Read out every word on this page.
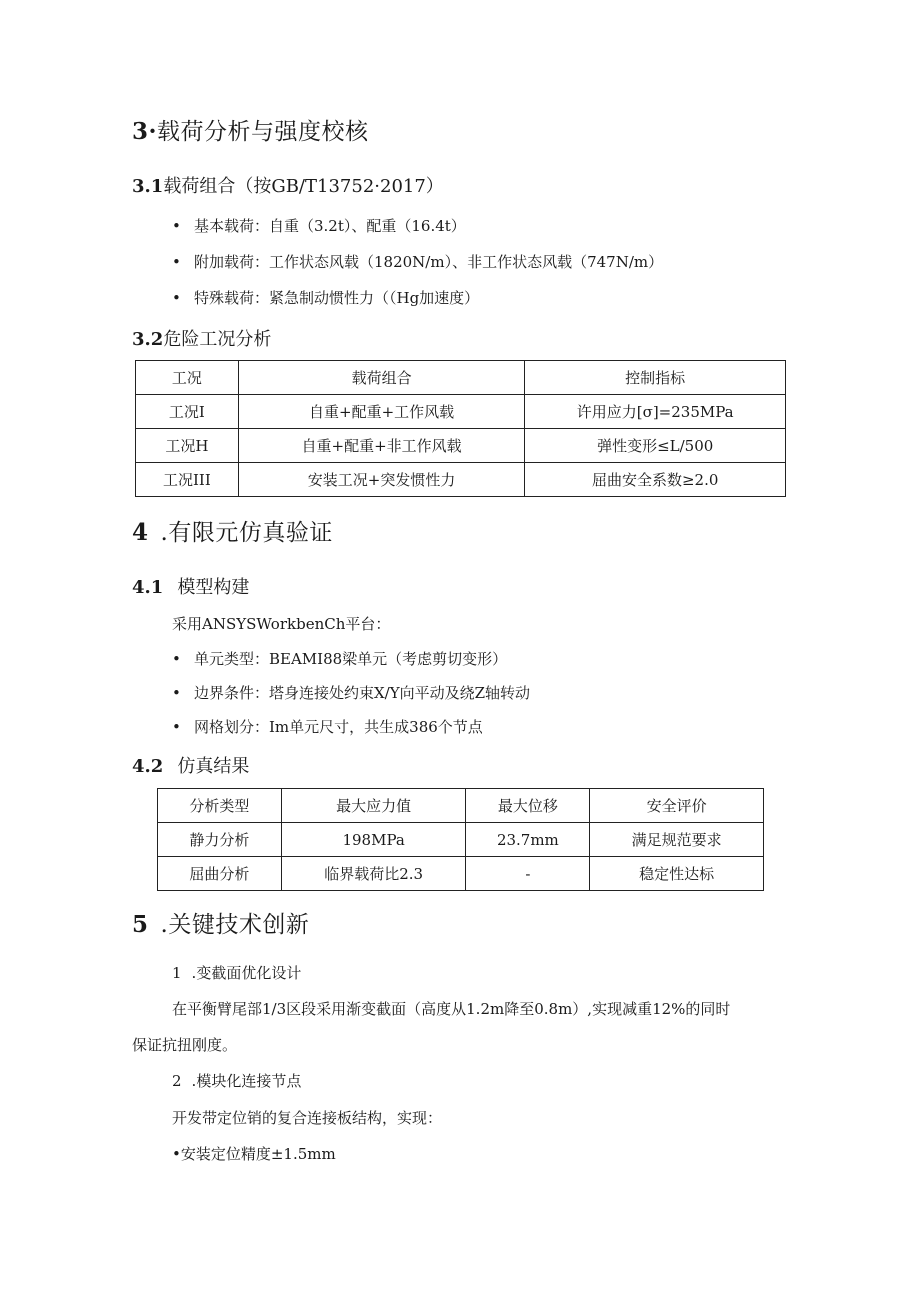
3·载荷分析与强度校核
3.1载荷组合（按GB/T13752·2017）
• 基本载荷：自重（3.2t）、配重（16.4t）
• 附加载荷：工作状态风载（1820N/m）、非工作状态风载（747N/m）
• 特殊载荷：紧急制动惯性力（（Hg加速度）
3.2危险工况分析
工况	载荷组合	控制指标
工况I	自重+配重+工作风载	许用应力[σ]=235MPa
工况H	自重+配重+非工作风载	弹性变形≤L/500
工况III	安装工况+突发惯性力	屈曲安全系数≥2.0
4 .有限元仿真验证
4.1 模型构建
采用ANSYSWorkbenCh平台：
• 单元类型：BEAMI88梁单元（考虑剪切变形）
• 边界条件：塔身连接处约束X/Y向平动及绕Z轴转动
• 网格划分：Im单元尺寸，共生成386个节点
4.2 仿真结果
分析类型	最大应力值	最大位移	安全评价
静力分析	198MPa	23.7mm	满足规范要求
屈曲分析	临界载荷比2.3	-	稳定性达标
5 .关键技术创新
1 .变截面优化设计
在平衡臂尾部1/3区段采用渐变截面（高度从1.2m降至0.8m）,实现减重12%的同时
保证抗扭刚度。
2 .模块化连接节点
开发带定位销的复合连接板结构，实现：
•安装定位精度±1.5mm
